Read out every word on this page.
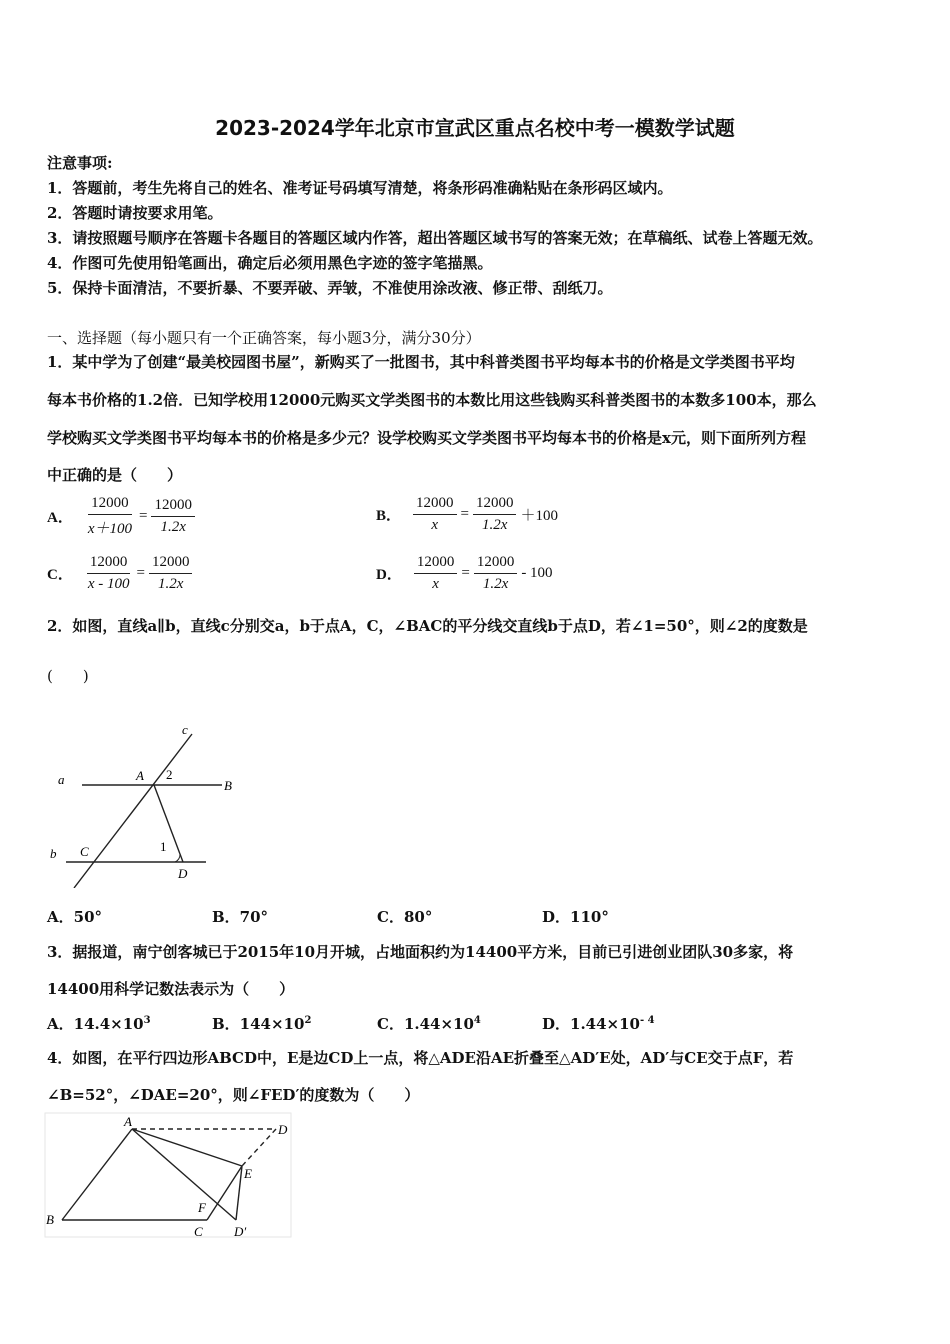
2023-2024学年北京市宣武区重点名校中考一模数学试题
注意事项:
1．答题前，考生先将自己的姓名、准考证号码填写清楚，将条形码准确粘贴在条形码区域内。
2．答题时请按要求用笔。
3．请按照题号顺序在答题卡各题目的答题区域内作答，超出答题区域书写的答案无效；在草稿纸、试卷上答题无效。
4．作图可先使用铅笔画出，确定后必须用黑色字迹的签字笔描黑。
5．保持卡面清洁，不要折暴、不要弄破、弄皱，不准使用涂改液、修正带、刮纸刀。
一、选择题（每小题只有一个正确答案，每小题3分，满分30分）
1．某中学为了创建“最美校园图书屋”，新购买了一批图书，其中科普类图书平均每本书的价格是文学类图书平均
每本书价格的1.2倍．已知学校用12000元购买文学类图书的本数比用这些钱购买科普类图书的本数多100本，那么
学校购买文学类图书平均每本书的价格是多少元？设学校购买文学类图书平均每本书的价格是x元，则下面所列方程
中正确的是（　　）
A． $\frac{12000}{x+100} = \frac{12000}{1.2x}$	B． $\frac{12000}{x} = \frac{12000}{1.2x} +100$
C． $\frac{12000}{x - 100} = \frac{12000}{1.2x}$	D． $\frac{12000}{x} = \frac{12000}{1.2x} - 100$
2．如图，直线a∥b，直线c分别交a，b于点A，C，∠BAC的平分线交直线b于点D，若∠1=50°，则∠2的度数是
(　　)
c
a	A 2
B
b C	1
D
A．50°	B．70°	C．80°	D．110°
3．据报道，南宁创客城已于2015年10月开城，占地面积约为14400平方米，目前已引进创业团队30多家，将
14400用科学记数法表示为（　　）
A．$14.4\times 10^3$	B．$144\times 10^2$	C．$1.44\times 10^4$	D．$1.44\times 10^{- 4}$
4．如图，在平行四边形ABCD中，E是边CD上一点，将△ADE沿AE折叠至△AD′E处，AD′与CE交于点F，若
∠B=52°，∠DAE=20°，则∠FED′的度数为（　　）
A
D
E
F
B
C D′
